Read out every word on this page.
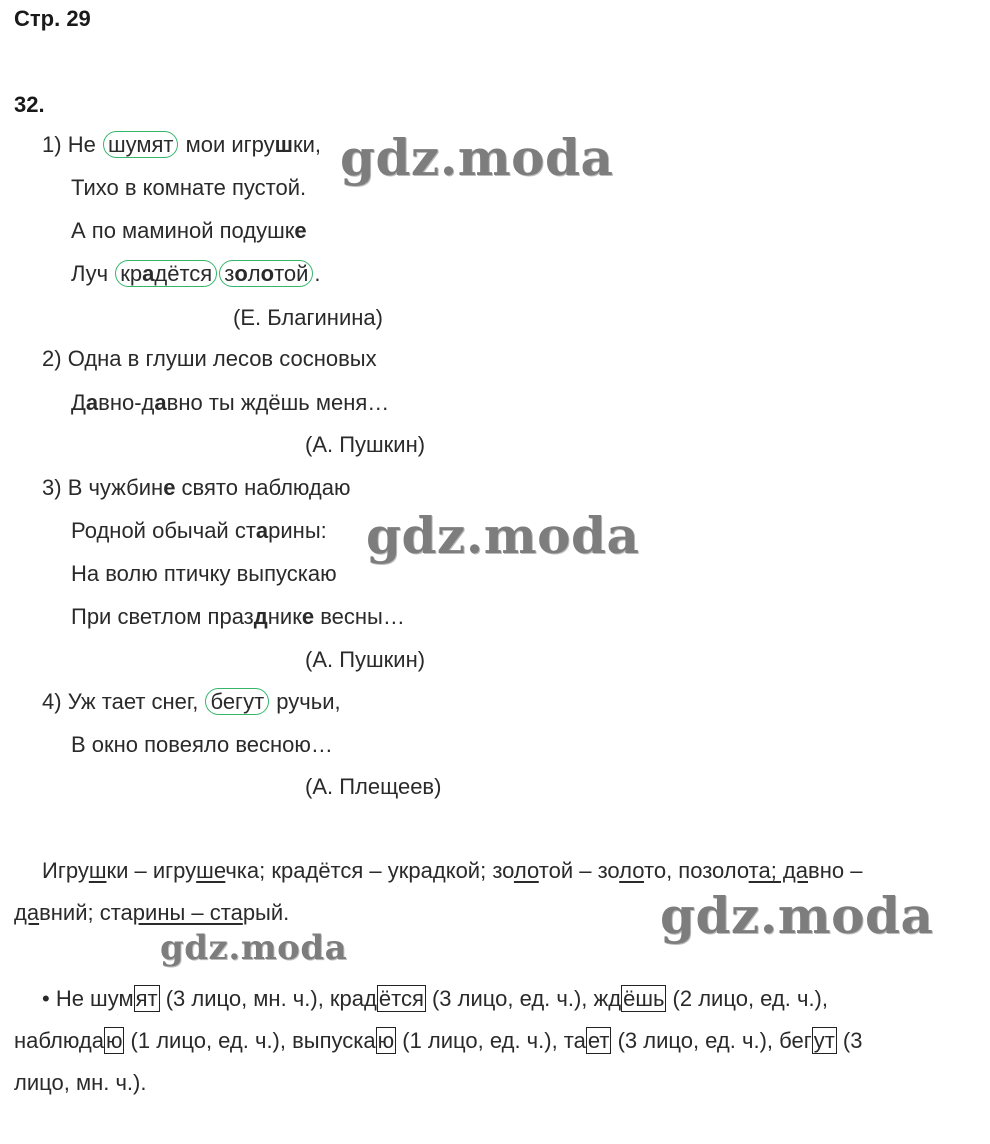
Стр. 29
32.
1) Не шумят мои игрушки,
Тихо в комнате пустой.
А по маминой подушке
Луч крадётся золотой .
(Е. Благинина)
2) Одна в глуши лесов сосновых
Давно-давно ты ждёшь меня…
(А. Пушкин)
3) В чужбине свято наблюдаю
Родной обычай старины:
На волю птичку выпускаю
При светлом празднике весны…
(А. Пушкин)
4) Уж тает снег, бегут ручьи,
В окно повеяло весною…
(А. Плещеев)
Игрушки – игрушечка; крадётся – украдкой; золотой – золото, позолота; давно –
давний; старины – старый.
• Не шумят (3 лицо, мн. ч.), крадётся (3 лицо, ед. ч.), ждёшь (2 лицо, ед. ч.),
наблюдаю (1 лицо, ед. ч.), выпускаю (1 лицо, ед. ч.), тает (3 лицо, ед. ч.), бегут (3
лицо, мн. ч.).
gdz.moda
gdz.moda
gdz.moda
gdz.moda
